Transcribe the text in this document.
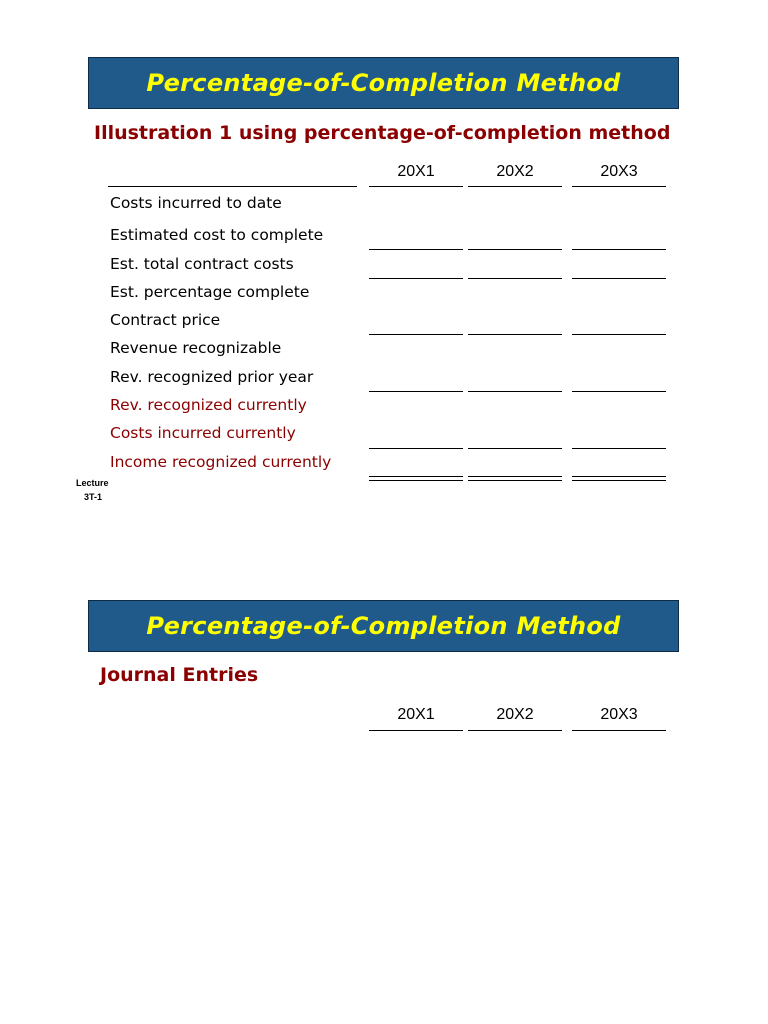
Percentage-of-Completion Method
Illustration 1 using percentage-of-completion method
20X1	20X2	20X3
Costs incurred to date
Estimated cost to complete
Est. total contract costs
Est. percentage complete
Contract price
Revenue recognizable
Rev. recognized prior year
Rev. recognized currently
Costs incurred currently
Income recognized currently
Lecture
3T-1
Percentage-of-Completion Method
Journal Entries
20X1	20X2	20X3
